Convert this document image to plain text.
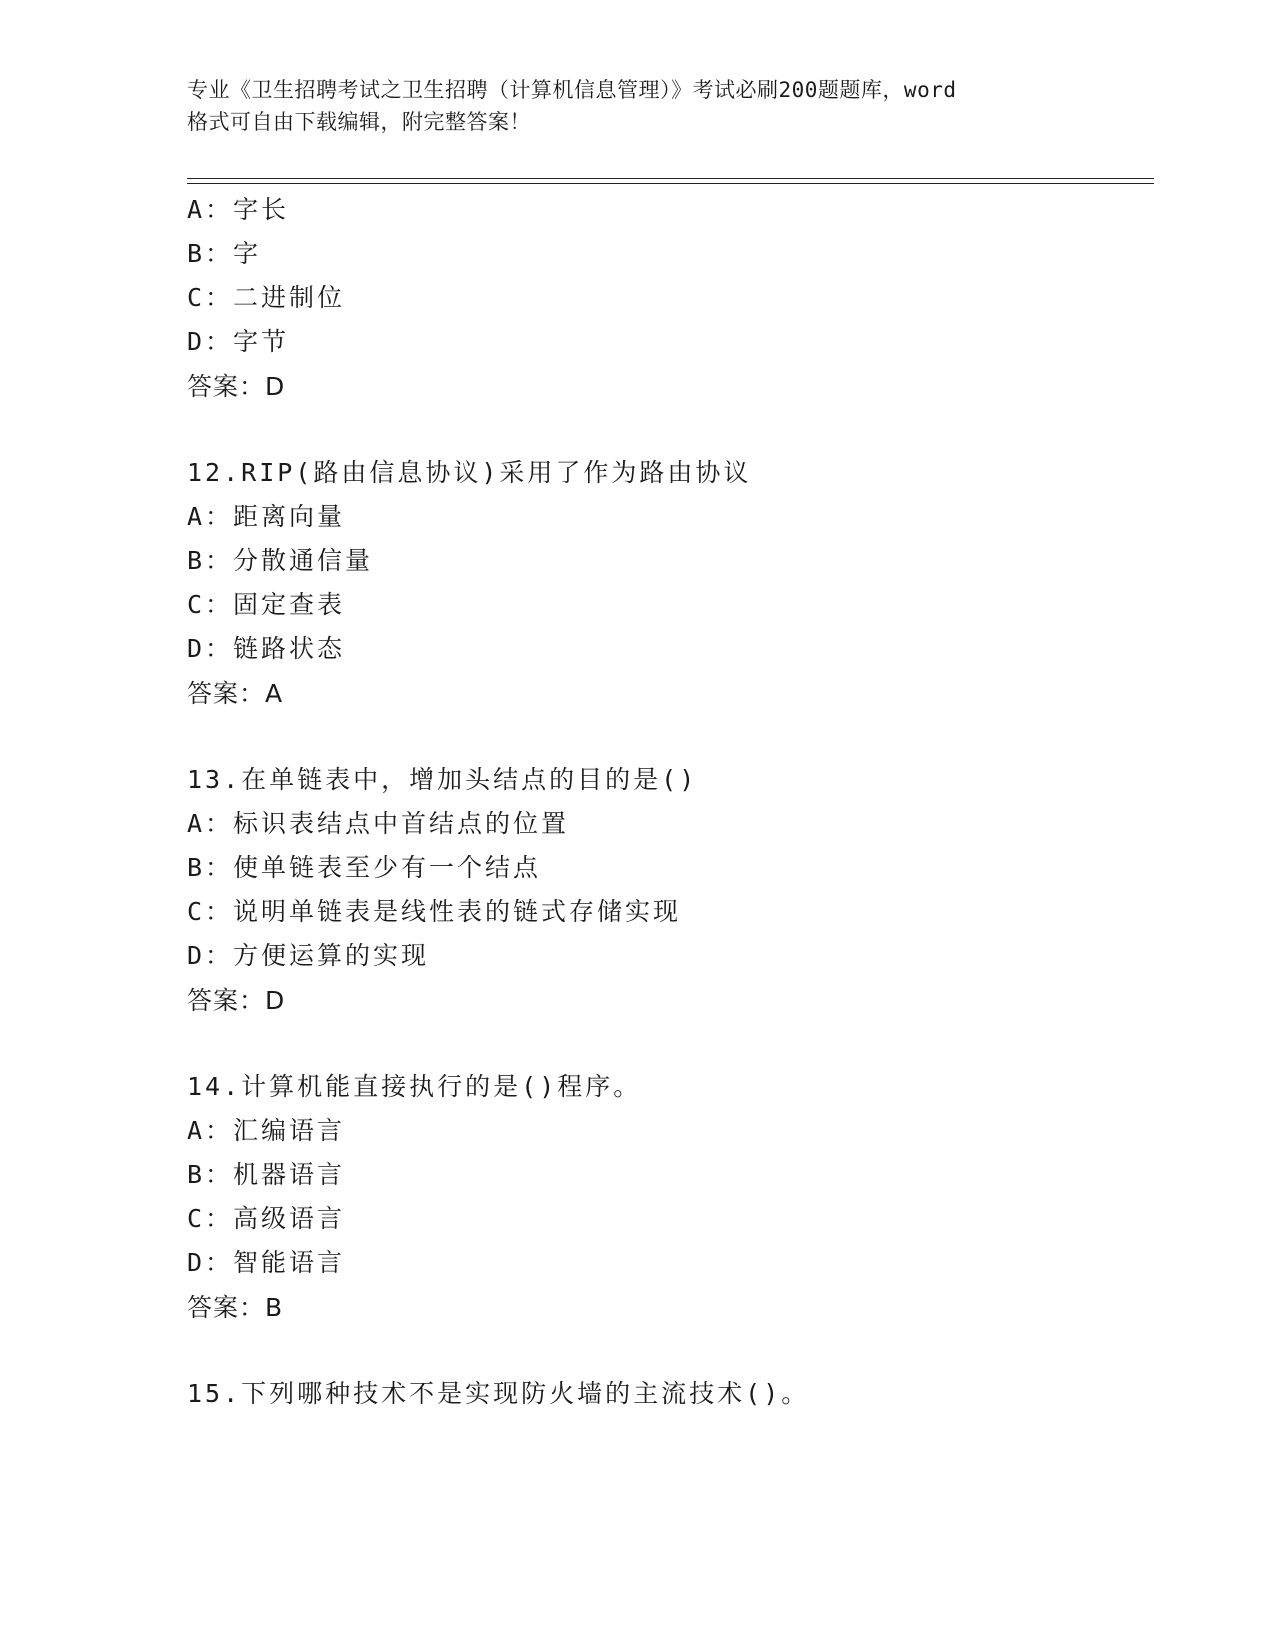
专业《卫生招聘考试之卫生招聘（计算机信息管理）》考试必刷200题题库，word
格式可自由下载编辑，附完整答案！
A：字长
B：字
C：二进制位
D：字节
答案：D
12.RIP(路由信息协议)采用了作为路由协议
A：距离向量
B：分散通信量
C：固定查表
D：链路状态
答案：A
13.在单链表中，增加头结点的目的是()
A：标识表结点中首结点的位置
B：使单链表至少有一个结点
C：说明单链表是线性表的链式存储实现
D：方便运算的实现
答案：D
14.计算机能直接执行的是()程序。
A：汇编语言
B：机器语言
C：高级语言
D：智能语言
答案：B
15.下列哪种技术不是实现防火墙的主流技术()。
